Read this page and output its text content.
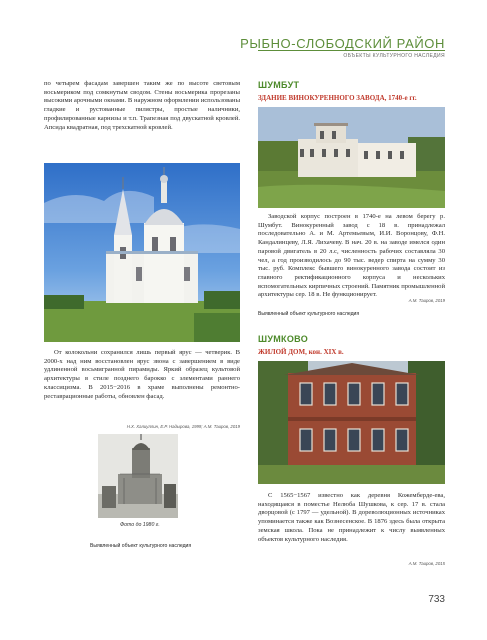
РЫБНО-СЛОБОДСКИЙ РАЙОН
ОБЪЕКТЫ КУЛЬТУРНОГО НАСЛЕДИЯ
по четырем фасадам завершен таким же по высоте световым восьмериком под сомкнутым сводом. Стены восьмерика прорезаны высокими арочными окнами. В наружном оформлении использованы гладкие и рустованные пилястры, простые наличники, профилированные карнизы и т.п. Трапезная под двускатной кровлей. Апсида квадратная, под трехскатной кровлей.
От колокольни сохранился лишь первый ярус — четверик. В 2000-х над ним восстановлен ярус звона с завершением в виде удлиненной восьмигранной пирамиды. Яркий образец культовой архитектуры в стиле позднего барокко с элементами раннего классицизма. В 2015−2016 в храме выполнены ремонтно-реставрационные работы, обновлен фасад.
Н.Х. Халиуллин, Е.Р. Надырова, 1999; А.М. Таиров, 2019
Фото до 1980 г.
Выявленный объект культурного наследия
ШУМБУТ
ЗДАНИЕ ВИНОКУРЕННОГО ЗАВОДА, 1740-е гг.
Заводской корпус построен в 1740-е на левом берегу р. Шумбут. Винокуренный завод с 18 в. принадлежал последовательно А. и М. Артемьевым, И.И. Воронцову, Ф.Н. Кандалинцеву, Л.Я. Лихачеву. В нач. 20 в. на заводе имелся один паровой двигатель в 20 л.с, численность рабочих составляла 30 чел, а год производилось до 90 тыс. ведер спирта на сумму 30 тыс. руб. Комплекс бывшего винокуренного завода состоит из главного ректификационного корпуса и нескольких вспомогательных кирпичных строений. Памятник промышленной архитектуры сер. 18 в. Не функционирует.
А.М. Таиров, 2019
Выявленный объект культурного наследия
ШУМКОВО
ЖИЛОЙ ДОМ, кон. XIX в.
С 1565−1567 известно как деревня Кожемберде-ева, находящаяся в поместье Нелюба Шушкова, к сер. 17 в. стала дворцовой (с 1797 — удельной). В дореволюционных источниках упоминается также как Вознесенское. В 1876 здесь была открыта земская школа. Пока не принадлежит к числу выявленных объектов культурного наследия.
А.М. Таиров, 2015
733
